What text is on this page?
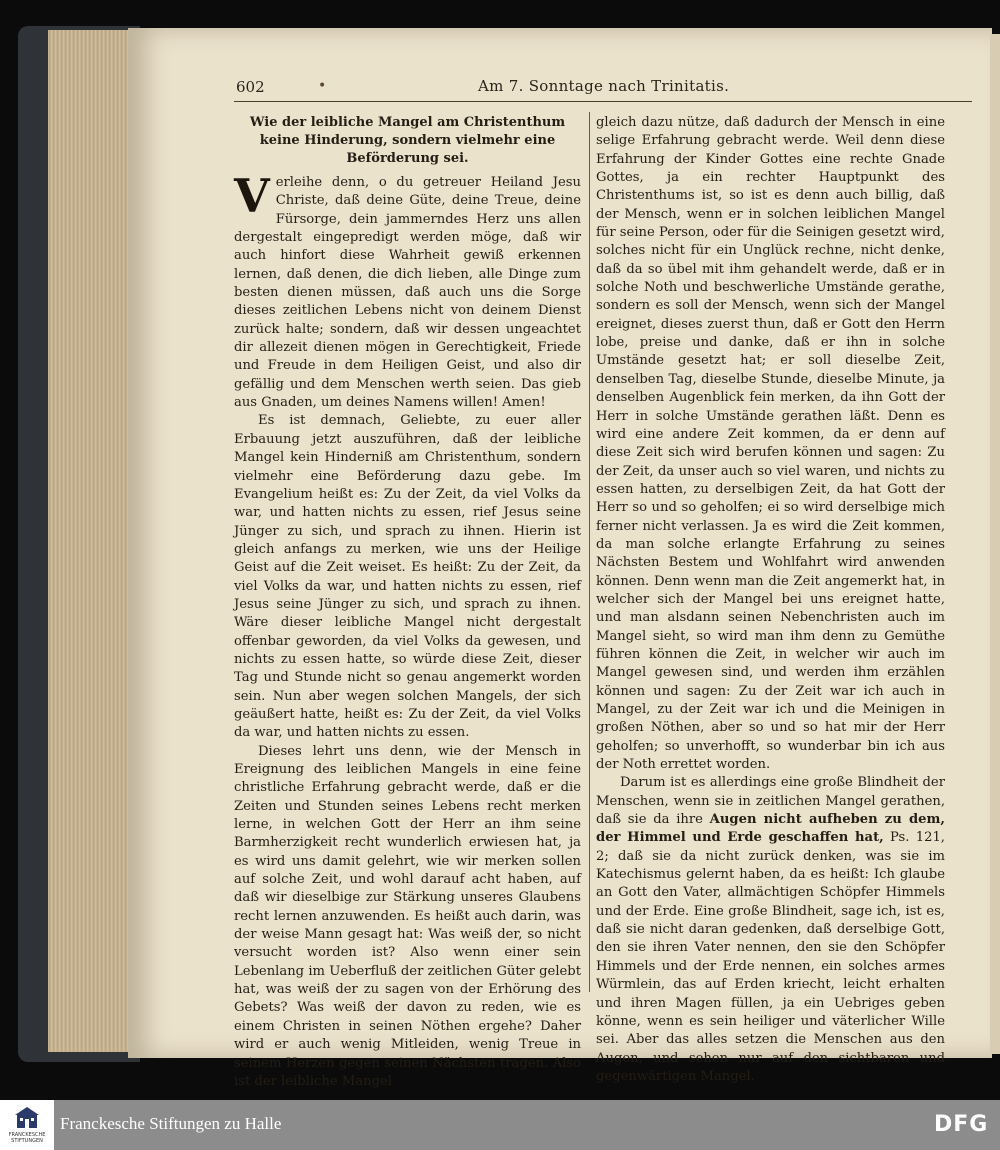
602	•	Am 7. Sonntage nach Trinitatis.

Wie der leibliche Mangel am Christenthum keine Hinderung, sondern vielmehr eine Beförderung sei.

Verleihe denn, o du getreuer Heiland Jesu Christe, daß deine Güte, deine Treue, deine Fürsorge, dein jammerndes Herz uns allen dergestalt eingepredigt werden möge, daß wir auch hinfort diese Wahrheit gewiß erkennen lernen, daß denen, die dich lieben, alle Dinge zum besten dienen müssen, daß auch uns die Sorge dieses zeitlichen Lebens nicht von deinem Dienst zurück halte; sondern, daß wir dessen ungeachtet dir allezeit dienen mögen in Gerechtigkeit, Friede und Freude in dem Heiligen Geist, und also dir gefällig und dem Menschen werth seien. Das gieb aus Gnaden, um deines Namens willen! Amen!

Es ist demnach, Geliebte, zu euer aller Erbauung jetzt auszuführen, daß der leibliche Mangel kein Hinderniß am Christenthum, sondern vielmehr eine Beförderung dazu gebe. Im Evangelium heißt es: Zu der Zeit, da viel Volks da war, und hatten nichts zu essen, rief Jesus seine Jünger zu sich, und sprach zu ihnen. Hierin ist gleich anfangs zu merken, wie uns der Heilige Geist auf die Zeit weiset. Es heißt: Zu der Zeit, da viel Volks da war, und hatten nichts zu essen, rief Jesus seine Jünger zu sich, und sprach zu ihnen. Wäre dieser leibliche Mangel nicht dergestalt offenbar geworden, da viel Volks da gewesen, und nichts zu essen hatte, so würde diese Zeit, dieser Tag und Stunde nicht so genau angemerkt worden sein. Nun aber wegen solchen Mangels, der sich geäußert hatte, heißt es: Zu der Zeit, da viel Volks da war, und hatten nichts zu essen.

Dieses lehrt uns denn, wie der Mensch in Ereignung des leiblichen Mangels in eine feine christliche Erfahrung gebracht werde, daß er die Zeiten und Stunden seines Lebens recht merken lerne, in welchen Gott der Herr an ihm seine Barmherzigkeit recht wunderlich erwiesen hat, ja es wird uns damit gelehrt, wie wir merken sollen auf solche Zeit, und wohl darauf acht haben, auf daß wir dieselbige zur Stärkung unseres Glaubens recht lernen anzuwenden. Es heißt auch darin, was der weise Mann gesagt hat: Was weiß der, so nicht versucht worden ist? Also wenn einer sein Lebenlang im Ueberfluß der zeitlichen Güter gelebt hat, was weiß der zu sagen von der Erhörung des Gebets? Was weiß der davon zu reden, wie es einem Christen in seinen Nöthen ergehe? Daher wird er auch wenig Mitleiden, wenig Treue in seinem Herzen gegen seinen Nächsten tragen. Also ist der leibliche Mangel

gleich dazu nütze, daß dadurch der Mensch in eine selige Erfahrung gebracht werde. Weil denn diese Erfahrung der Kinder Gottes eine rechte Gnade Gottes, ja ein rechter Hauptpunkt des Christenthums ist, so ist es denn auch billig, daß der Mensch, wenn er in solchen leiblichen Mangel für seine Person, oder für die Seinigen gesetzt wird, solches nicht für ein Unglück rechne, nicht denke, daß da so übel mit ihm gehandelt werde, daß er in solche Noth und beschwerliche Umstände gerathe, sondern es soll der Mensch, wenn sich der Mangel ereignet, dieses zuerst thun, daß er Gott den Herrn lobe, preise und danke, daß er ihn in solche Umstände gesetzt hat; er soll dieselbe Zeit, denselben Tag, dieselbe Stunde, dieselbe Minute, ja denselben Augenblick fein merken, da ihn Gott der Herr in solche Umstände gerathen läßt. Denn es wird eine andere Zeit kommen, da er denn auf diese Zeit sich wird berufen können und sagen: Zu der Zeit, da unser auch so viel waren, und nichts zu essen hatten, zu derselbigen Zeit, da hat Gott der Herr so und so geholfen; ei so wird derselbige mich ferner nicht verlassen. Ja es wird die Zeit kommen, da man solche erlangte Erfahrung zu seines Nächsten Bestem und Wohlfahrt wird anwenden können. Denn wenn man die Zeit angemerkt hat, in welcher sich der Mangel bei uns ereignet hatte, und man alsdann seinen Nebenchristen auch im Mangel sieht, so wird man ihm denn zu Gemüthe führen können die Zeit, in welcher wir auch im Mangel gewesen sind, und werden ihm erzählen können und sagen: Zu der Zeit war ich auch in Mangel, zu der Zeit war ich und die Meinigen in großen Nöthen, aber so und so hat mir der Herr geholfen; so unverhofft, so wunderbar bin ich aus der Noth errettet worden.

Darum ist es allerdings eine große Blindheit der Menschen, wenn sie in zeitlichen Mangel gerathen, daß sie da ihre Augen nicht aufheben zu dem, der Himmel und Erde geschaffen hat, Ps. 121, 2; daß sie da nicht zurück denken, was sie im Katechismus gelernt haben, da es heißt: Ich glaube an Gott den Vater, allmächtigen Schöpfer Himmels und der Erde. Eine große Blindheit, sage ich, ist es, daß sie nicht daran gedenken, daß derselbige Gott, den sie ihren Vater nennen, den sie den Schöpfer Himmels und der Erde nennen, ein solches armes Würmlein, das auf Erden kriecht, leicht erhalten und ihren Magen füllen, ja ein Uebriges geben könne, wenn es sein heiliger und väterlicher Wille sei. Aber das alles setzen die Menschen aus den Augen, und sehen nur auf den sichtbaren und gegenwärtigen Mangel.

FRANCKESCHE STIFTUNGEN
Franckesche Stiftungen zu Halle	DFG
